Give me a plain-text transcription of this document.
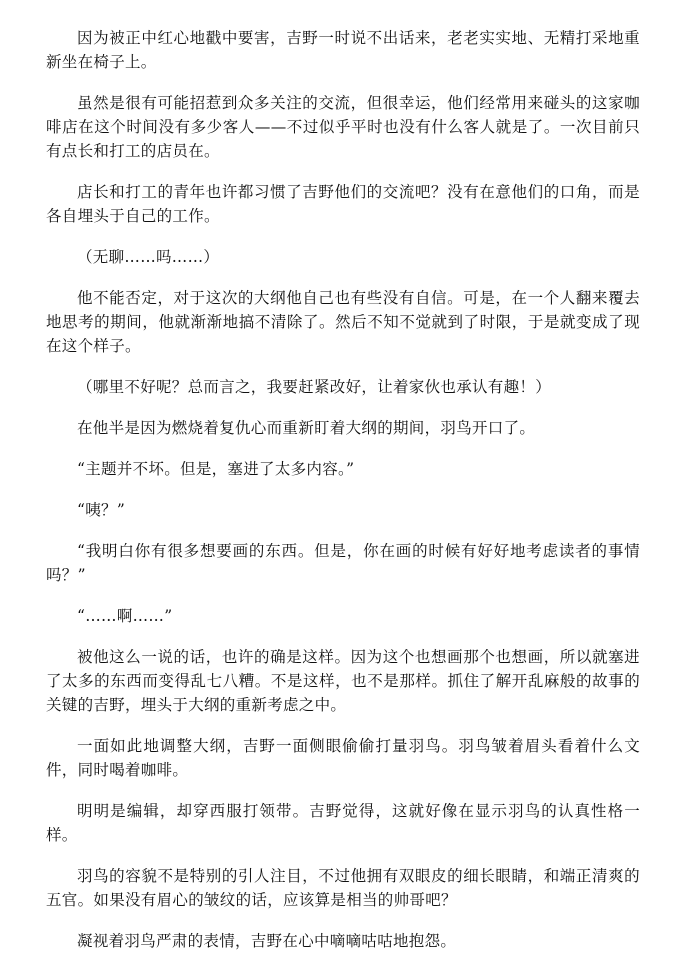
因为被正中红心地戳中要害，吉野一时说不出话来，老老实实地、无精打采地重新坐在椅子上。

虽然是很有可能招惹到众多关注的交流，但很幸运，他们经常用来碰头的这家咖啡店在这个时间没有多少客人——不过似乎平时也没有什么客人就是了。一次目前只有点长和打工的店员在。

店长和打工的青年也许都习惯了吉野他们的交流吧？没有在意他们的口角，而是各自埋头于自己的工作。

（无聊……吗……）

他不能否定，对于这次的大纲他自己也有些没有自信。可是，在一个人翻来覆去地思考的期间，他就渐渐地搞不清除了。然后不知不觉就到了时限，于是就变成了现在这个样子。

（哪里不好呢？总而言之，我要赶紧改好，让着家伙也承认有趣！）

在他半是因为燃烧着复仇心而重新盯着大纲的期间，羽鸟开口了。

“主题并不坏。但是，塞进了太多内容。”

“咦？”

“我明白你有很多想要画的东西。但是，你在画的时候有好好地考虑读者的事情吗？”

“……啊……”

被他这么一说的话，也许的确是这样。因为这个也想画那个也想画，所以就塞进了太多的东西而变得乱七八糟。不是这样，也不是那样。抓住了解开乱麻般的故事的关键的吉野，埋头于大纲的重新考虑之中。

一面如此地调整大纲，吉野一面侧眼偷偷打量羽鸟。羽鸟皱着眉头看着什么文件，同时喝着咖啡。

明明是编辑，却穿西服打领带。吉野觉得，这就好像在显示羽鸟的认真性格一样。

羽鸟的容貌不是特别的引人注目，不过他拥有双眼皮的细长眼睛，和端正清爽的五官。如果没有眉心的皱纹的话，应该算是相当的帅哥吧？

凝视着羽鸟严肃的表情，吉野在心中嘀嘀咕咕地抱怨。
